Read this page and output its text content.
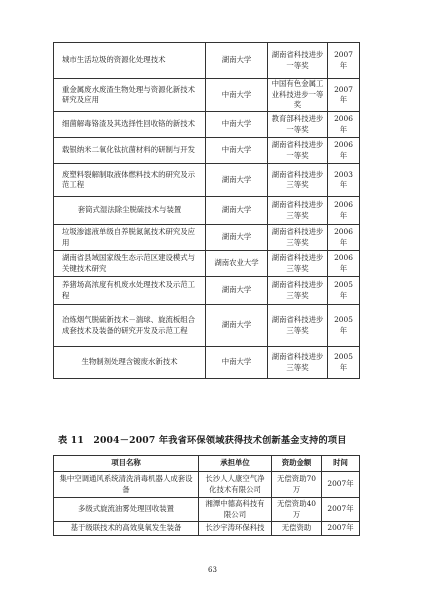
城市生活垃圾的资源化处理技术	湖南大学	湖南省科技进步一等奖	2007年
重金属废水废渣生物处理与资源化新技术研究及应用	中南大学	中国有色金属工业科技进步一等奖	2007年
细菌解毒铬渣及其选择性回收铬的新技术	中南大学	教育部科技进步一等奖	2006年
载银纳米二氧化钛抗菌材料的研制与开发	中南大学	湖南省科技进步一等奖	2006年
废塑料裂解制取液体燃料技术的研究及示范工程	湖南大学	湖南省科技进步三等奖	2003年
套筒式湿法除尘脱硫技术与装置	湖南大学	湖南省科技进步三等奖	2006年
垃圾渗滤液单级自养脱氮氮技术研究及应用	湖南大学	湖南省科技进步三等奖	2006年
湖南省县域国家级生态示范区建设模式与关键技术研究	湖南农业大学	湖南省科技进步三等奖	2006年
养猪场高浓度有机废水处理技术及示范工程	湖南大学	湖南省科技进步三等奖	2005年
冶炼烟气脱硫新技术－湍球、旋流板组合成套技术及装备的研究开发及示范工程	湖南大学	湖南省科技进步三等奖	2005年
生物制剂处理含镀废水新技术	中南大学	湖南省科技进步三等奖	2005年
表 11　2004－2007 年我省环保领域获得技术创新基金支持的项目
项目名称	承担单位	资助金额	时间
集中空调通风系统清洗消毒机器人成套设备	长沙人人康空气净化技术有限公司	无偿资助70万	2007年
多级式旋流油雾处理回收装置	湘潭中德高科技有限公司	无偿资助40万	2007年
基于级联技术的高效臭氧发生装备	长沙宇涛环保科技	无偿资助	2007年
63
